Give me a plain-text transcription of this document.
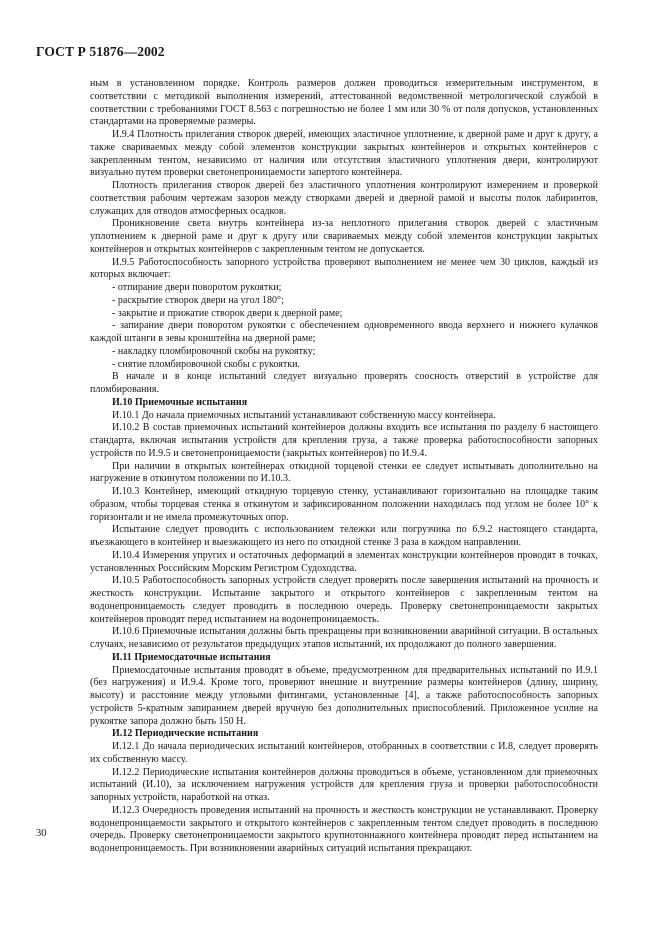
ГОСТ Р 51876—2002

ным в установленном порядке. Контроль размеров должен проводиться измерительным инструментом, в соответствии с методикой выполнения измерений, аттестованной ведомственной метрологической службой в соответствии с требованиями ГОСТ 8.563 с погрешностью не более 1 мм или 30 % от поля допусков, установленных стандартами на проверяемые размеры.

И.9.4 Плотность прилегания створок дверей, имеющих эластичное уплотнение, к дверной раме и друг к другу, а также свариваемых между собой элементов конструкции закрытых контейнеров и открытых контейнеров с закрепленным тентом, независимо от наличия или отсутствия эластичного уплотнения двери, контролируют визуально путем проверки светонепроницаемости запертого контейнера.

Плотность прилегания створок дверей без эластичного уплотнения контролируют измерением и проверкой соответствия рабочим чертежам зазоров между створками дверей и дверной рамой и высоты полок лабиринтов, служащих для отводов атмосферных осадков.

Проникновение света внутрь контейнера из-за неплотного прилегания створок дверей с эластичным уплотнением к дверной раме и друг к другу или свариваемых между собой элементов конструкции закрытых контейнеров и открытых контейнеров с закрепленным тентом не допускается.

И.9.5 Работоспособность запорного устройства проверяют выполнением не менее чем 30 циклов, каждый из которых включает:

- отпирание двери поворотом рукоятки;

- раскрытие створок двери на угол 180°;

- закрытие и прижатие створок двери к дверной раме;

- запирание двери поворотом рукоятки с обеспечением одновременного ввода верхнего и нижнего кулачков каждой штанги в зевы кронштейна на дверной раме;

- накладку пломбировочной скобы на рукоятку;

- снятие пломбировочной скобы с рукоятки.

В начале и в конце испытаний следует визуально проверять соосность отверстий в устройстве для пломбирования.

И.10 Приемочные испытания

И.10.1 До начала приемочных испытаний устанавливают собственную массу контейнера.

И.10.2 В состав приемочных испытаний контейнеров должны входить все испытания по разделу 6 настоящего стандарта, включая испытания устройств для крепления груза, а также проверка работоспособности запорных устройств по И.9.5 и светонепроницаемости (закрытых контейнеров) по И.9.4.

При наличии в открытых контейнерах откидной торцевой стенки ее следует испытывать дополнительно на нагружение в откинутом положении по И.10.3.

И.10.3 Контейнер, имеющий откидную торцевую стенку, устанавливают горизонтально на площадке таким образом, чтобы торцевая стенка в откинутом и зафиксированном положении находилась под углом не более 10° к горизонтали и не имела промежуточных опор.

Испытание следует проводить с использованием тележки или погрузчика по 6.9.2 настоящего стандарта, въезжающего в контейнер и выезжающего из него по откидной стенке 3 раза в каждом направлении.

И.10.4 Измерения упругих и остаточных деформаций в элементах конструкции контейнеров проводят в точках, установленных Российским Морским Регистром Судоходства.

И.10.5 Работоспособность запорных устройств следует проверять после завершения испытаний на прочность и жесткость конструкции. Испытание закрытого и открытого контейнеров с закрепленным тентом на водонепроницаемость следует проводить в последнюю очередь. Проверку светонепроницаемости закрытых контейнеров проводят перед испытанием на водонепроницаемость.

И.10.6 Приемочные испытания должны быть прекращены при возникновении аварийной ситуации. В остальных случаях, независимо от результатов предыдущих этапов испытаний, их продолжают до полного завершения.

И.11 Приемосдаточные испытания

Приемосдаточные испытания проводят в объеме, предусмотренном для предварительных испытаний по И.9.1 (без нагружения) и И.9.4. Кроме того, проверяют внешние и внутренние размеры контейнеров (длину, ширину, высоту) и расстояние между угловыми фитингами, установленные [4], а также работоспособность запорных устройств 5-кратным запиранием дверей вручную без дополнительных приспособлений. Приложенное усилие на рукоятке запора должно быть 150 Н.

И.12 Периодические испытания

И.12.1 До начала периодических испытаний контейнеров, отобранных в соответствии с И.8, следует проверять их собственную массу.

И.12.2 Периодические испытания контейнеров должны проводиться в объеме, установленном для приемочных испытаний (И.10), за исключением нагружения устройств для крепления груза и проверки работоспособности запорных устройств, наработкой на отказ.

И.12.3 Очередность проведения испытаний на прочность и жесткость конструкции не устанавливают. Проверку водонепроницаемости закрытого и открытого контейнеров с закрепленным тентом следует проводить в последнюю очередь. Проверку светонепроницаемости закрытого крупнотоннажного контейнера проводят перед испытанием на водонепроницаемость. При возникновении аварийных ситуаций испытания прекращают.

30
